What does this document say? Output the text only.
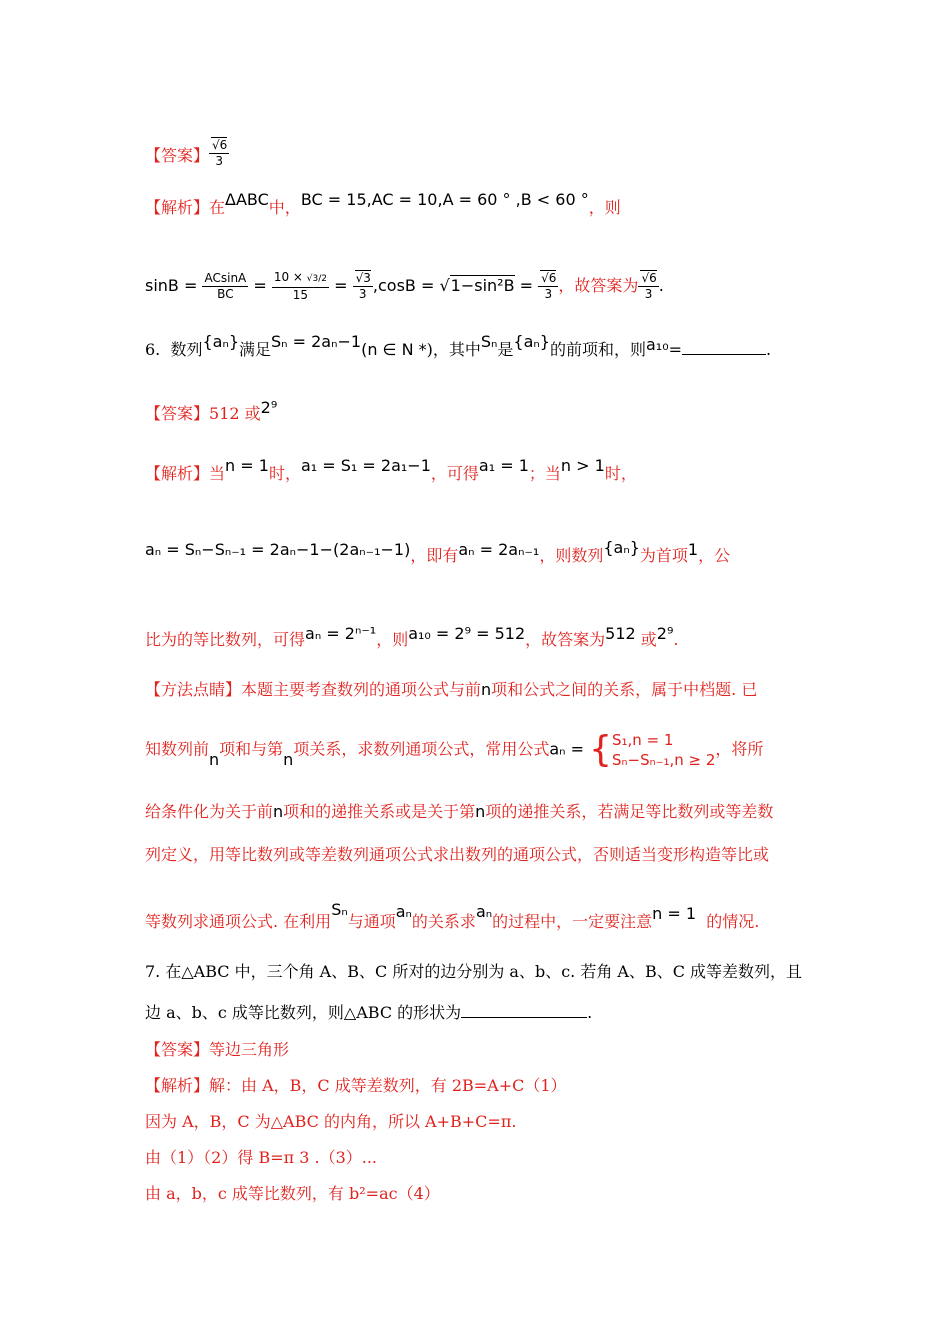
【答案】 $\frac{√6}{3}$
【解析】在ΔABC中，BC = 15,AC = 10,A = 60 ° ,B < 60 °，则
$\sin B = \frac{ACsinA}{BC} = \frac{10 \times √3/2}{15} = \frac{√3}{3} ,\cos B = √1-\sin^2B = \frac{√6}{3}$ ，故答案为 $\frac{√6}{3}$ .
6. 数列{aₙ}满足Sₙ = 2aₙ−1(n ∈ N *)，其中Sₙ是{aₙ}的前项和，则a₁₀=	.
【答案】512 或2⁹
【解析】当n = 1时，a₁ = S₁ = 2a₁−1，可得a₁ = 1；当n > 1时，
aₙ = Sₙ−Sₙ₋₁ = 2aₙ−1−(2aₙ₋₁−1)，即有aₙ = 2aₙ₋₁，则数列{aₙ}为首项1，公
比为的等比数列，可得aₙ = 2ⁿ⁻¹，则a₁₀ = 2⁹ = 512，故答案为512 或2⁹.
【方法点睛】本题主要考查数列的通项公式与前n项和公式之间的关系，属于中档题. 已
知数列前n项和与第n项关系，求数列通项公式，常用公式aₙ = { S₁,n = 1
Sₙ−Sₙ₋₁,n ≥ 2
，将所
给条件化为关于前n项和的递推关系或是关于第n项的递推关系，若满足等比数列或等差数
列定义，用等比数列或等差数列通项公式求出数列的通项公式，否则适当变形构造等比或
等数列求通项公式. 在利用Sₙ与通项aₙ的关系求aₙ的过程中，一定要注意n = 1 的情况.
7. 在△ABC 中，三个角 A、B、C 所对的边分别为 a、b、c. 若角 A、B、C 成等差数列，且
边 a、b、c 成等比数列，则△ABC 的形状为	.
【答案】等边三角形
【解析】解：由 A，B，C 成等差数列，有 2B=A+C（1）
因为 A，B，C 为△ABC 的内角，所以 A+B+C=π.
由（1）（2）得 B=π 3 .（3）...
由 a，b，c 成等比数列，有 b²=ac（4）
